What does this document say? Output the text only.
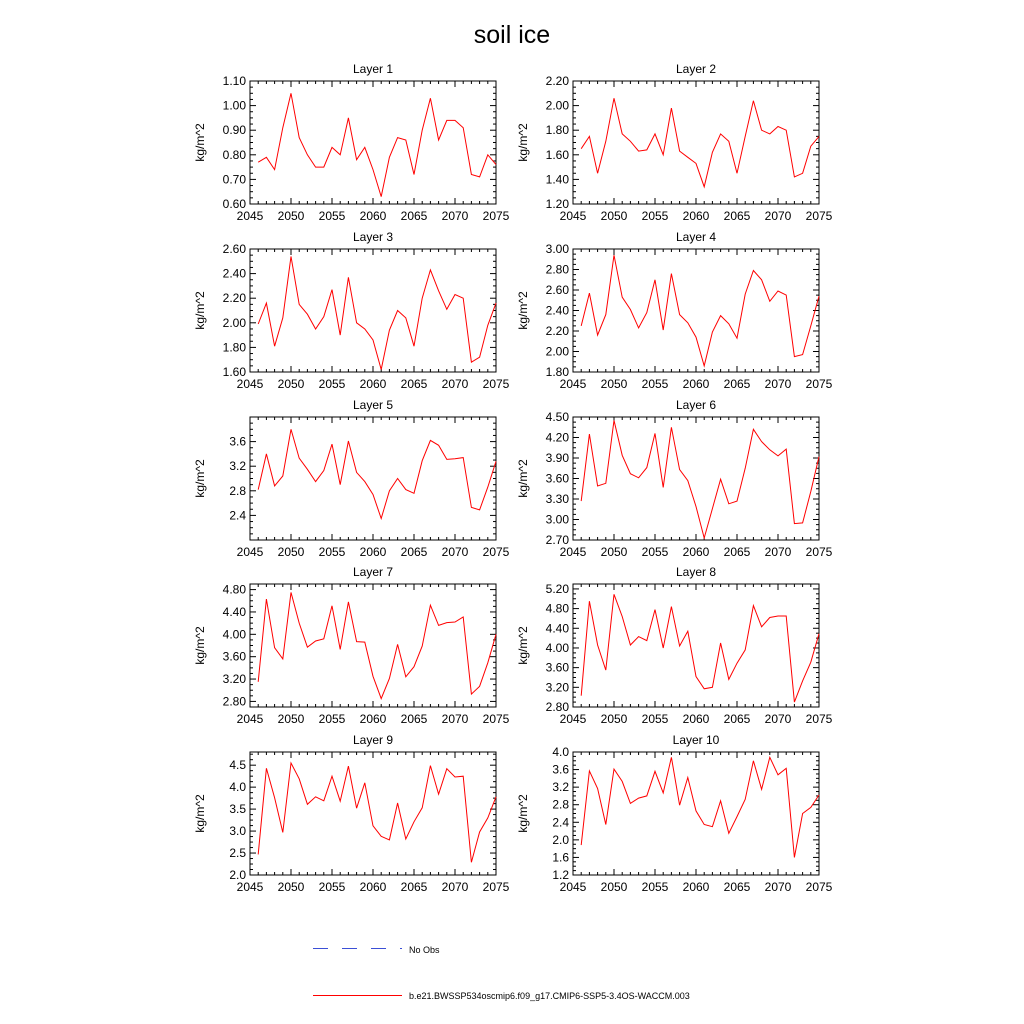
soil ice
2045 2050 2055 2060 2065 2070 2075
0.60
0.70
0.80
0.90
1.00
1.10
Layer 1
kg/m^2
2045 2050 2055 2060 2065 2070 2075
1.20
1.40
1.60
1.80
2.00
2.20
Layer 2
kg/m^2
2045 2050 2055 2060 2065 2070 2075
1.60
1.80
2.00
2.20
2.40
2.60
Layer 3
kg/m^2
2045 2050 2055 2060 2065 2070 2075
1.80
2.00
2.20
2.40
2.60
2.80
3.00
Layer 4
kg/m^2
2045 2050 2055 2060 2065 2070 2075
2.4
2.8
3.2
3.6
Layer 5
kg/m^2
2045 2050 2055 2060 2065 2070 2075
2.70
3.00
3.30
3.60
3.90
4.20
4.50
Layer 6
kg/m^2
2045 2050 2055 2060 2065 2070 2075
2.80
3.20
3.60
4.00
4.40
4.80
Layer 7
kg/m^2
2045 2050 2055 2060 2065 2070 2075
2.80
3.20
3.60
4.00
4.40
4.80
5.20
Layer 8
kg/m^2
2045 2050 2055 2060 2065 2070 2075
2.0
2.5
3.0
3.5
4.0
4.5
Layer 9
kg/m^2
2045 2050 2055 2060 2065 2070 2075
1.2
1.6
2.0
2.4
2.8
3.2
3.6
4.0
Layer 10
kg/m^2
No Obs
b.e21.BWSSP534oscmip6.f09_g17.CMIP6-SSP5-3.4OS-WACCM.003
